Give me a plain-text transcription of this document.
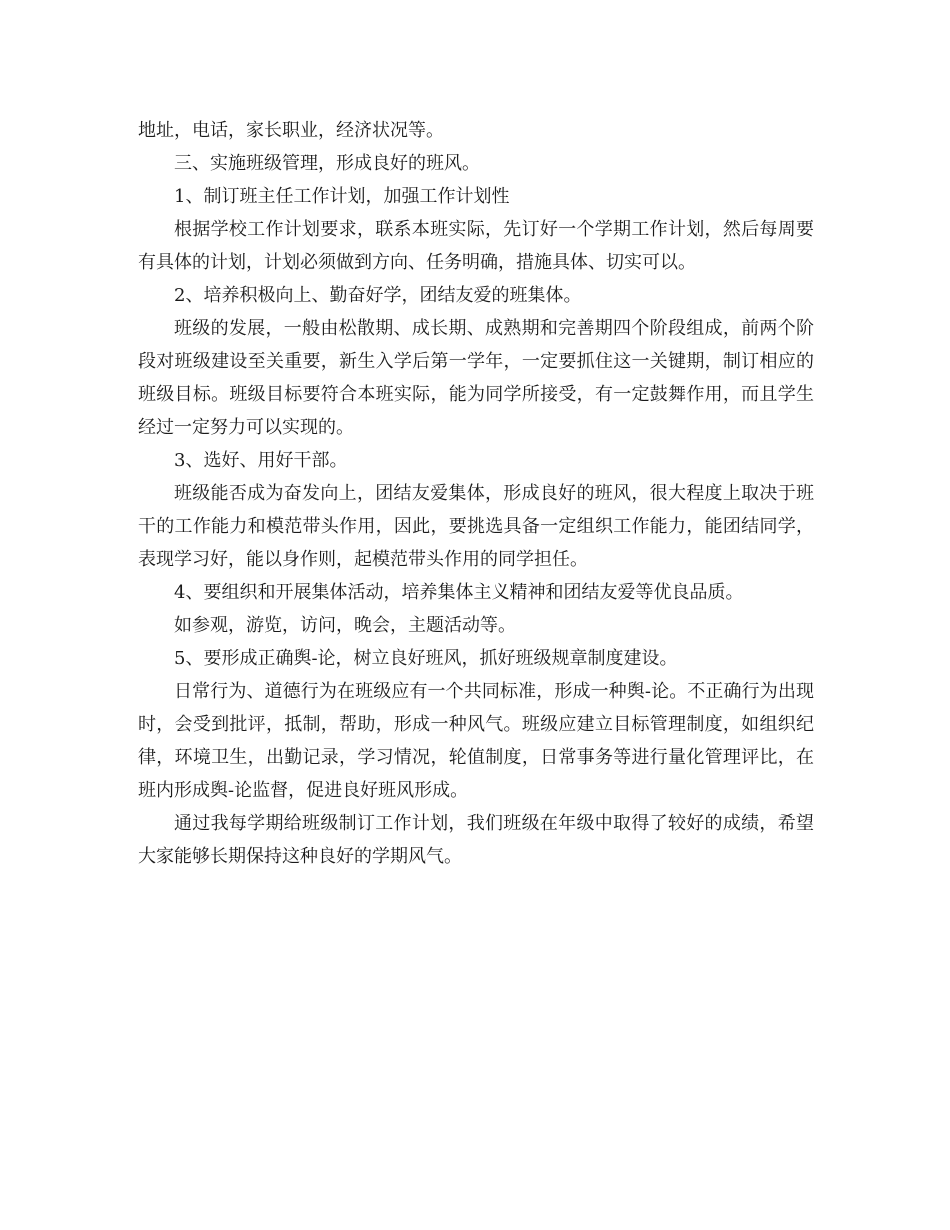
地址，电话，家长职业，经济状况等。

三、实施班级管理，形成良好的班风。

1、制订班主任工作计划，加强工作计划性

根据学校工作计划要求，联系本班实际，先订好一个学期工作计划，然后每周要有具体的计划，计划必须做到方向、任务明确，措施具体、切实可以。

2、培养积极向上、勤奋好学，团结友爱的班集体。

班级的发展，一般由松散期、成长期、成熟期和完善期四个阶段组成，前两个阶段对班级建设至关重要，新生入学后第一学年，一定要抓住这一关键期，制订相应的班级目标。班级目标要符合本班实际，能为同学所接受，有一定鼓舞作用，而且学生经过一定努力可以实现的。

3、选好、用好干部。

班级能否成为奋发向上，团结友爱集体，形成良好的班风，很大程度上取决于班干的工作能力和模范带头作用，因此，要挑选具备一定组织工作能力，能团结同学，表现学习好，能以身作则，起模范带头作用的同学担任。

4、要组织和开展集体活动，培养集体主义精神和团结友爱等优良品质。

如参观，游览，访问，晚会，主题活动等。

5、要形成正确舆-论，树立良好班风，抓好班级规章制度建设。

日常行为、道德行为在班级应有一个共同标准，形成一种舆-论。不正确行为出现时，会受到批评，抵制，帮助，形成一种风气。班级应建立目标管理制度，如组织纪律，环境卫生，出勤记录，学习情况，轮值制度，日常事务等进行量化管理评比，在班内形成舆-论监督，促进良好班风形成。

通过我每学期给班级制订工作计划，我们班级在年级中取得了较好的成绩，希望大家能够长期保持这种良好的学期风气。
